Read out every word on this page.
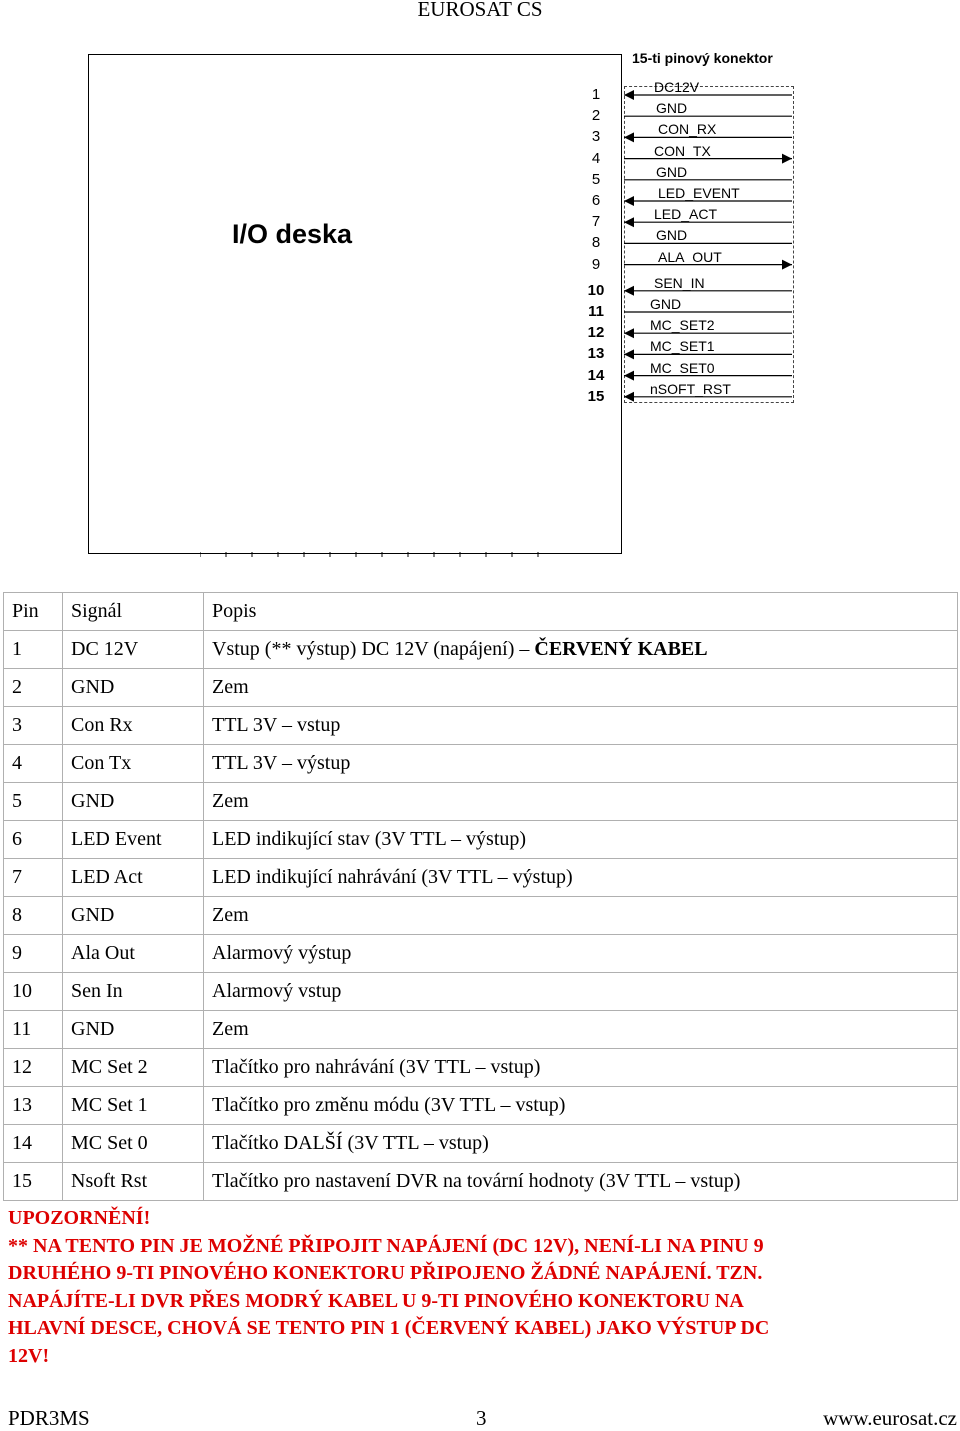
EUROSAT CS
I/O deska
15-ti pinový konektor
1	DC12V
2	GND
3	CON_RX
4	CON_TX
5	GND
6	LED_EVENT
7	LED_ACT
8	GND
9	ALA_OUT
10	SEN_IN
11	GND
12	MC_SET2
13	MC_SET1
14	MC_SET0
15	nSOFT_RST
Pin	Signál	Popis
1	DC 12V	Vstup (** výstup) DC 12V (napájení) – ČERVENÝ KABEL
2	GND	Zem
3	Con Rx	TTL 3V – vstup
4	Con Tx	TTL 3V – výstup
5	GND	Zem
6	LED Event	LED indikující stav (3V TTL – výstup)
7	LED Act	LED indikující nahrávání (3V TTL – výstup)
8	GND	Zem
9	Ala Out	Alarmový výstup
10	Sen In	Alarmový vstup
11	GND	Zem
12	MC Set 2	Tlačítko pro nahrávání (3V TTL – vstup)
13	MC Set 1	Tlačítko pro změnu módu (3V TTL – vstup)
14	MC Set 0	Tlačítko DALŠÍ (3V TTL – vstup)
15	Nsoft Rst	Tlačítko pro nastavení DVR na tovární hodnoty (3V TTL – vstup)
UPOZORNĚNÍ!
** NA TENTO PIN JE MOŽNÉ PŘIPOJIT NAPÁJENÍ (DC 12V), NENÍ-LI NA PINU 9
DRUHÉHO 9-TI PINOVÉHO KONEKTORU PŘIPOJENO ŽÁDNÉ NAPÁJENÍ. TZN.
NAPÁJÍTE-LI DVR PŘES MODRÝ KABEL U 9-TI PINOVÉHO KONEKTORU NA
HLAVNÍ DESCE, CHOVÁ SE TENTO PIN 1 (ČERVENÝ KABEL) JAKO VÝSTUP DC
12V!
PDR3MS	3	www.eurosat.cz
